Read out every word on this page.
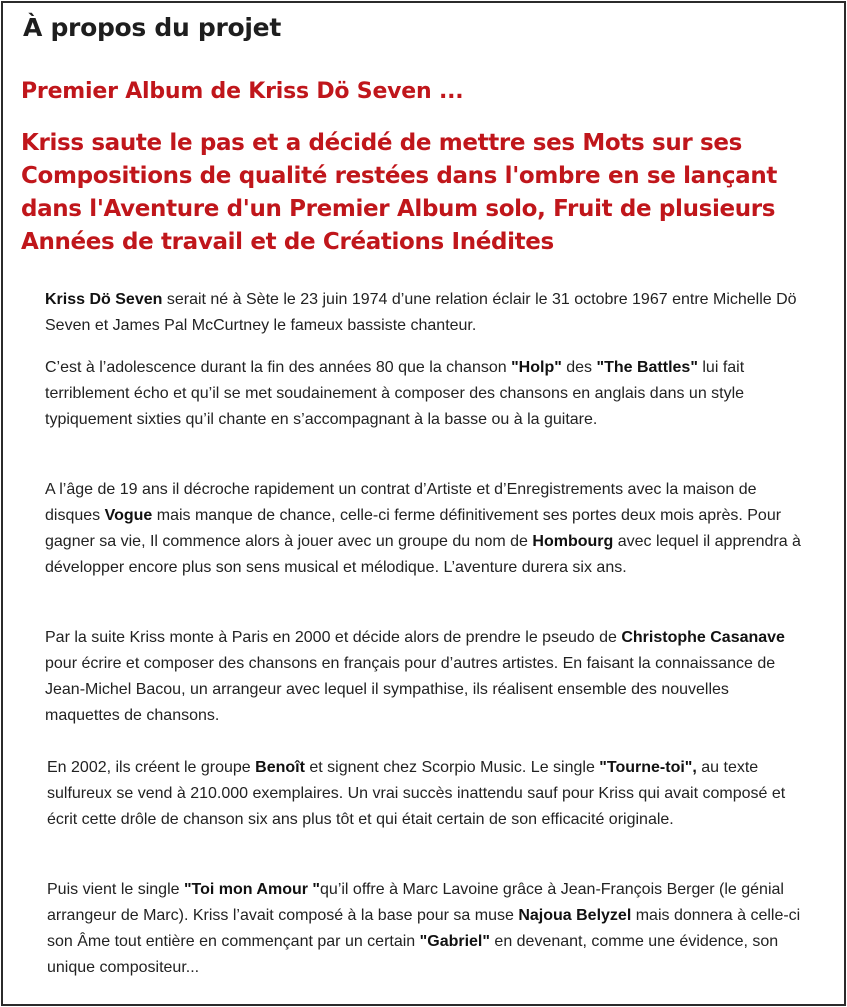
À propos du projet
Premier Album de Kriss Dö Seven ...

Kriss saute le pas et a décidé de mettre ses Mots sur ses Compositions de qualité restées dans l'ombre en se lançant dans l'Aventure d'un Premier Album solo, Fruit de plusieurs Années de travail et de Créations Inédites

Kriss Dö Seven serait né à Sète le 23 juin 1974 d’une relation éclair le 31 octobre 1967 entre Michelle Dö Seven et James Pal McCurtney le fameux bassiste chanteur.

C’est à l’adolescence durant la fin des années 80 que la chanson "Holp" des "The Battles" lui fait terriblement écho et qu’il se met soudainement à composer des chansons en anglais dans un style typiquement sixties qu’il chante en s’accompagnant à la basse ou à la guitare.

A l’âge de 19 ans il décroche rapidement un contrat d’Artiste et d’Enregistrements avec la maison de disques Vogue mais manque de chance, celle-ci ferme définitivement ses portes deux mois après. Pour gagner sa vie, Il commence alors à jouer avec un groupe du nom de Hombourg avec lequel il apprendra à développer encore plus son sens musical et mélodique. L’aventure durera six ans.

Par la suite Kriss monte à Paris en 2000 et décide alors de prendre le pseudo de Christophe Casanave pour écrire et composer des chansons en français pour d’autres artistes. En faisant la connaissance de Jean-Michel Bacou, un arrangeur avec lequel il sympathise, ils réalisent ensemble des nouvelles maquettes de chansons.

En 2002, ils créent le groupe Benoît et signent chez Scorpio Music. Le single "Tourne-toi", au texte sulfureux se vend à 210.000 exemplaires. Un vrai succès inattendu sauf pour Kriss qui avait composé et écrit cette drôle de chanson six ans plus tôt et qui était certain de son efficacité originale.

Puis vient le single "Toi mon Amour "qu’il offre à Marc Lavoine grâce à Jean-François Berger (le génial arrangeur de Marc). Kriss l’avait composé à la base pour sa muse Najoua Belyzel mais donnera à celle-ci son Âme tout entière en commençant par un certain "Gabriel" en devenant, comme une évidence, son unique compositeur...
